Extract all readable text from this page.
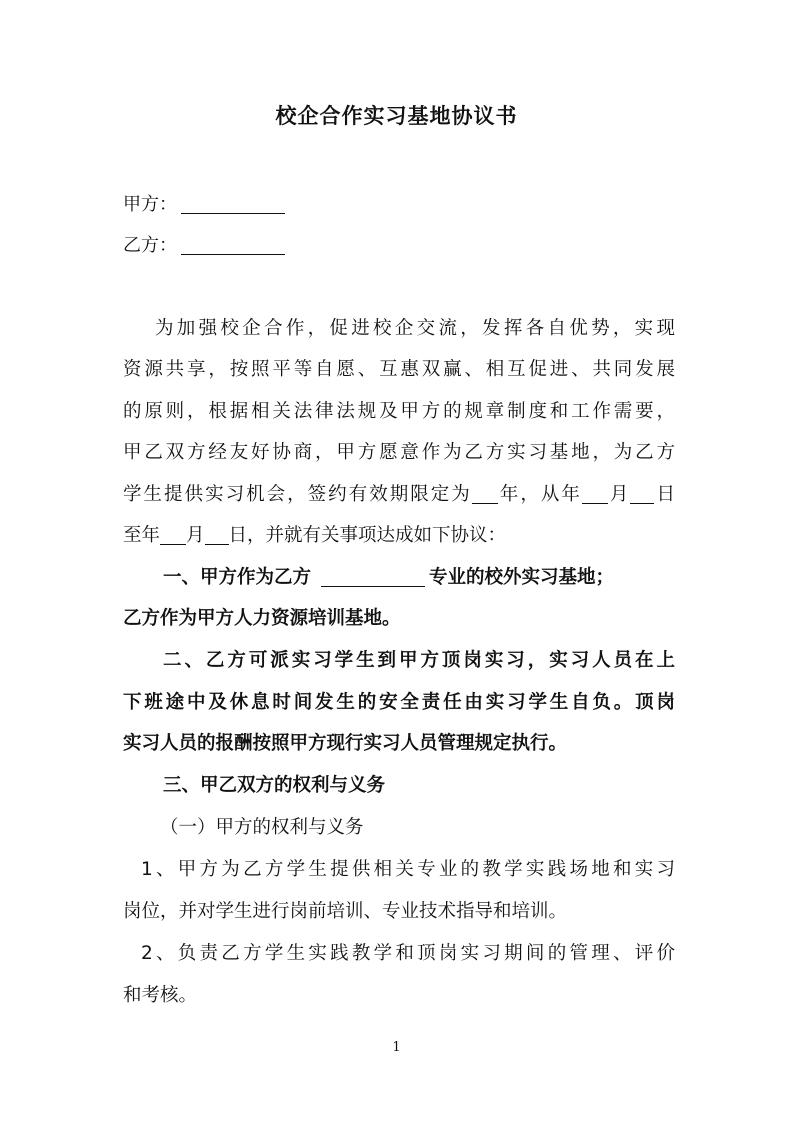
校企合作实习基地协议书
甲方：
乙方：
为加强校企合作，促进校企交流，发挥各自优势，实现
资源共享，按照平等自愿、互惠双赢、相互促进、共同发展
的原则，根据相关法律法规及甲方的规章制度和工作需要，
甲乙双方经友好协商，甲方愿意作为乙方实习基地，为乙方
学生提供实习机会，签约有效期限定为 年，从年 月 日
至年 月 日，并就有关事项达成如下协议：
一、甲方作为乙方	专业的校外实习基地；
乙方作为甲方人力资源培训基地。
二、乙方可派实习学生到甲方顶岗实习，实习人员在上
下班途中及休息时间发生的安全责任由实习学生自负。顶岗
实习人员的报酬按照甲方现行实习人员管理规定执行。
三、甲乙双方的权利与义务
（一）甲方的权利与义务
1、甲方为乙方学生提供相关专业的教学实践场地和实习
岗位，并对学生进行岗前培训、专业技术指导和培训。
2、负责乙方学生实践教学和顶岗实习期间的管理、评价
和考核。
1
